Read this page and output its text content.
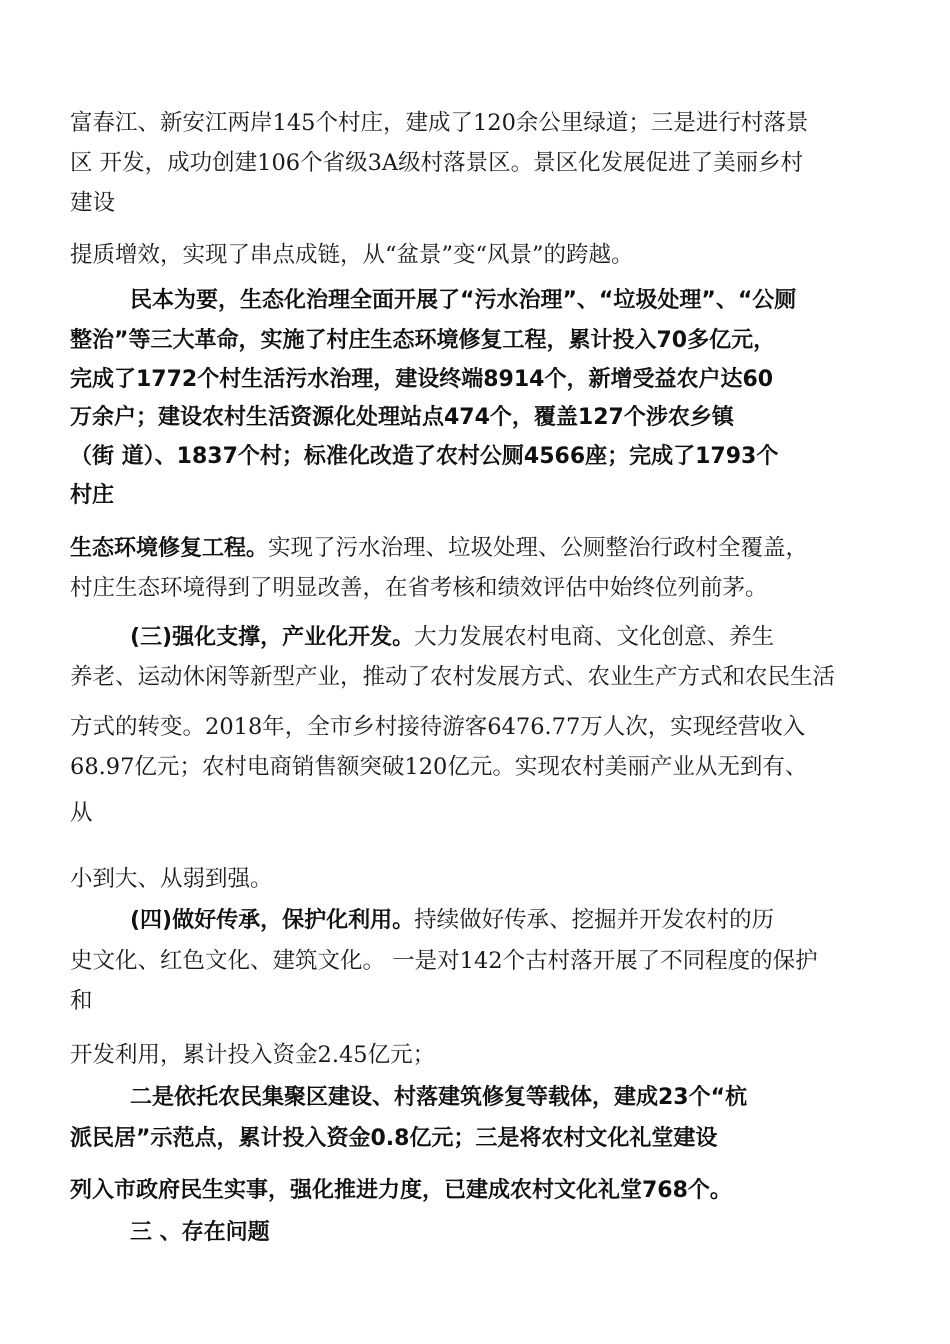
富春江、新安江两岸145个村庄，建成了120余公里绿道；三是进行村落景
区 开发，成功创建106个省级3A级村落景区。景区化发展促进了美丽乡村
建设
提质增效，实现了串点成链，从“盆景”变“风景”的跨越。
民本为要，生态化治理全面开展了“污水治理”、“垃圾处理”、“公厕
整治”等三大革命，实施了村庄生态环境修复工程，累计投入70多亿元，
完成了1772个村生活污水治理，建设终端8914个，新增受益农户达60
万余户；建设农村生活资源化处理站点474个，覆盖127个涉农乡镇
（街 道）、1837个村；标准化改造了农村公厕4566座；完成了1793个
村庄
生态环境修复工程。实现了污水治理、垃圾处理、公厕整治行政村全覆盖，
村庄生态环境得到了明显改善，在省考核和绩效评估中始终位列前茅。
(三)强化支撑，产业化开发。大力发展农村电商、文化创意、养生
养老、运动休闲等新型产业，推动了农村发展方式、农业生产方式和农民生活
方式的转变。2018年，全市乡村接待游客6476.77万人次，实现经营收入
68.97亿元；农村电商销售额突破120亿元。实现农村美丽产业从无到有、
从
小到大、从弱到强。
(四)做好传承，保护化利用。持续做好传承、挖掘并开发农村的历
史文化、红色文化、建筑文化。 一是对142个古村落开展了不同程度的保护
和
开发利用，累计投入资金2.45亿元；
二是依托农民集聚区建设、村落建筑修复等载体，建成23个“杭
派民居”示范点，累计投入资金0.8亿元；三是将农村文化礼堂建设
列入市政府民生实事，强化推进力度，已建成农村文化礼堂768个。
三 、存在问题
